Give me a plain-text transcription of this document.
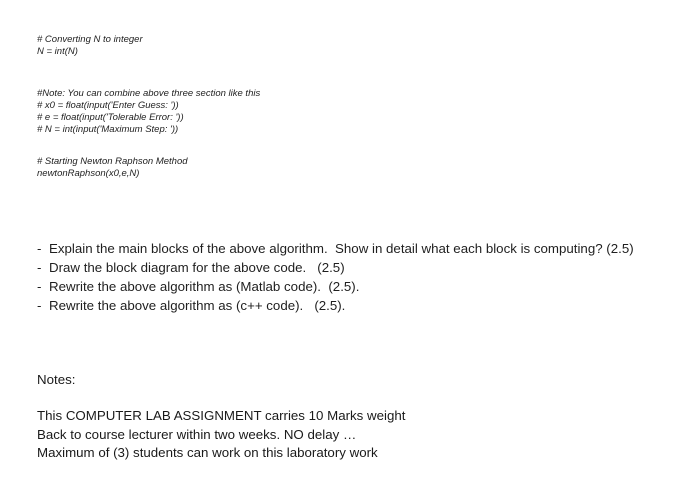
# Converting N to integer
N = int(N)
#Note: You can combine above three section like this
# x0 = float(input('Enter Guess: '))
# e = float(input('Tolerable Error: '))
# N = int(input('Maximum Step: '))
# Starting Newton Raphson Method
newtonRaphson(x0,e,N)
- Explain the main blocks of the above algorithm.  Show in detail what each block is computing? (2.5)
- Draw the block diagram for the above code.   (2.5)
- Rewrite the above algorithm as (Matlab code).  (2.5).
- Rewrite the above algorithm as (c++ code).   (2.5).
Notes:
This COMPUTER LAB ASSIGNMENT carries 10 Marks weight
Back to course lecturer within two weeks. NO delay …
Maximum of (3) students can work on this laboratory work
